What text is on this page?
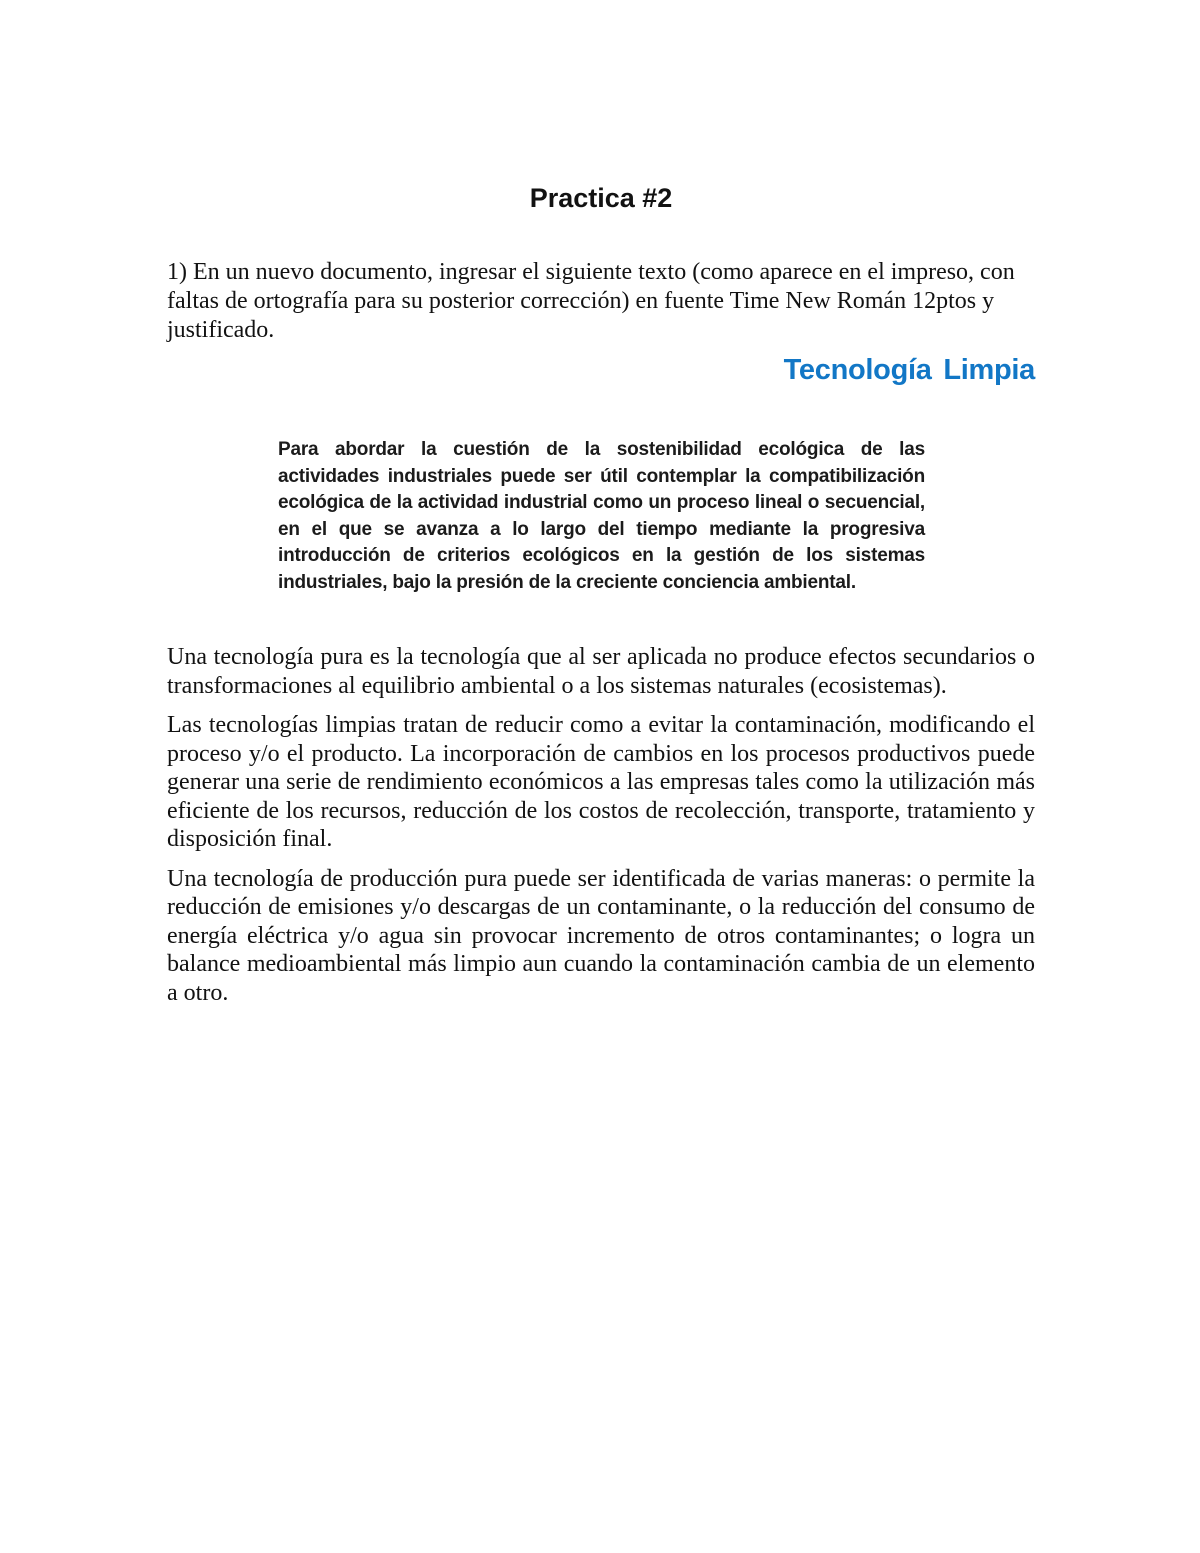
Practica #2

1) En un nuevo documento, ingresar el siguiente texto (como aparece en el impreso, con faltas de ortografía para su posterior corrección) en fuente Time New Román 12ptos y justificado.

Tecnología Limpia

Para abordar la cuestión de la sostenibilidad ecológica de las actividades industriales puede ser útil contemplar la compatibilización ecológica de la actividad industrial como un proceso lineal o secuencial, en el que se avanza a lo largo del tiempo mediante la progresiva introducción de criterios ecológicos en la gestión de los sistemas industriales, bajo la presión de la creciente conciencia ambiental.

Una tecnología pura es la tecnología que al ser aplicada no produce efectos secundarios o transformaciones al equilibrio ambiental o a los sistemas naturales (ecosistemas).

Las tecnologías limpias tratan de reducir como a evitar la contaminación, modificando el proceso y/o el producto. La incorporación de cambios en los procesos productivos puede generar una serie de rendimiento económicos a las empresas tales como la utilización más eficiente de los recursos, reducción de los costos de recolección, transporte, tratamiento y disposición final.

Una tecnología de producción pura puede ser identificada de varias maneras: o permite la reducción de emisiones y/o descargas de un contaminante, o la reducción del consumo de energía eléctrica y/o agua sin provocar incremento de otros contaminantes; o logra un balance medioambiental más limpio aun cuando la contaminación cambia de un elemento a otro.
